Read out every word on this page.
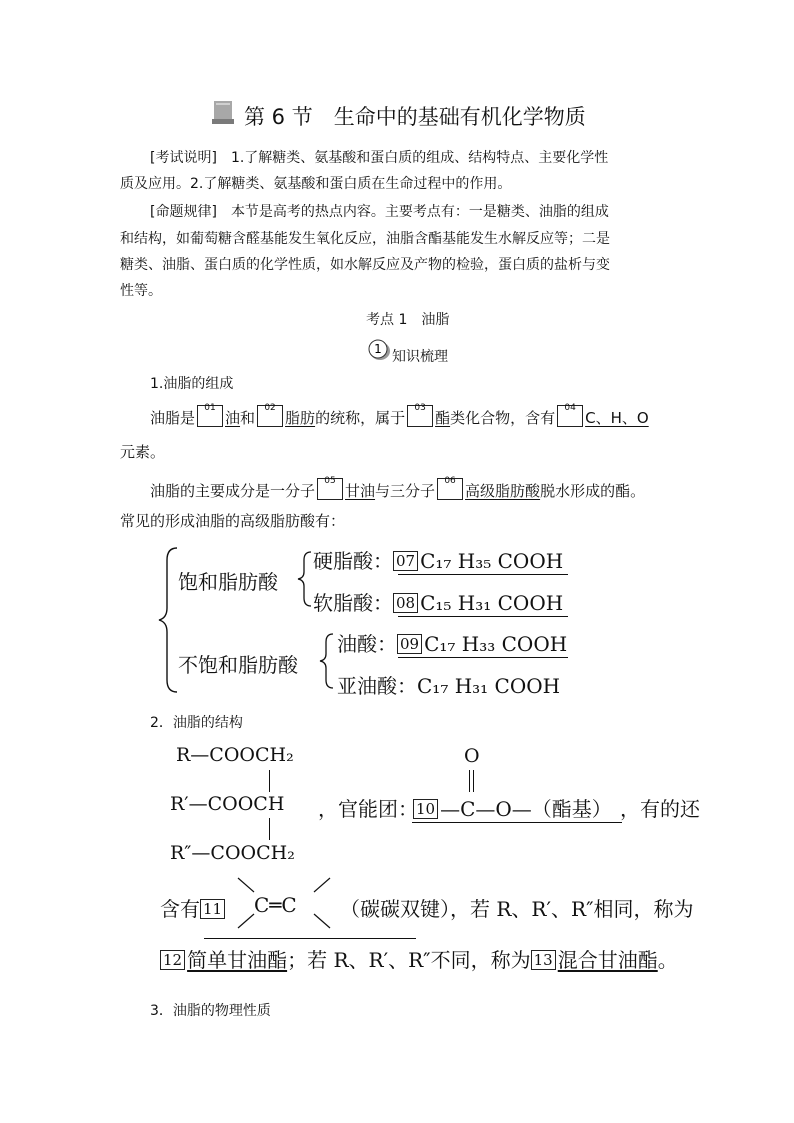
第 6 节　生命中的基础有机化学物质
[考试说明]　 1.了解糖类、氨基酸和蛋白质的组成、结构特点、主要化学性
质及应用。2.了解糖类、氨基酸和蛋白质在生命过程中的作用。
[命题规律]　 本节是高考的热点内容。主要考点有：一是糖类、油脂的组成
和结构，如葡萄糖含醛基能发生氧化反应，油脂含酯基能发生水解反应等；二是
糖类、油脂、蛋白质的化学性质，如水解反应及产物的检验，蛋白质的盐析与变
性等。
考点 1　油脂
1 知识梳理
1.油脂的组成
油脂是
01
油和
02
脂肪的统称，属于
03
酯类化合物，含有
04
C、H、O
元素。
油脂的主要成分是一分子
05
甘油与三分子
06
高级脂肪酸脱水形成的酯。
常见的形成油脂的高级脂肪酸有：
饱和脂肪酸
不饱和脂肪酸
硬脂酸： 07 C₁₇ H₃₅ COOH
软脂酸： 08 C₁₅ H₃₁ COOH
油酸： 09 C₁₇ H₃₃ COOH
亚油酸：C₁₇ H₃₁ COOH
2．油脂的结构
R—COOCH₂
R′—COOCH
R″—COOCH₂
，官能团：
O
10 —C—O—（酯基） ，有的还
含有 11 C═C （碳碳双键），若 R、R′、R″相同，称为
12 简单甘油酯；若 R、R′、R″不同，称为 13 混合甘油酯。
3．油脂的物理性质
